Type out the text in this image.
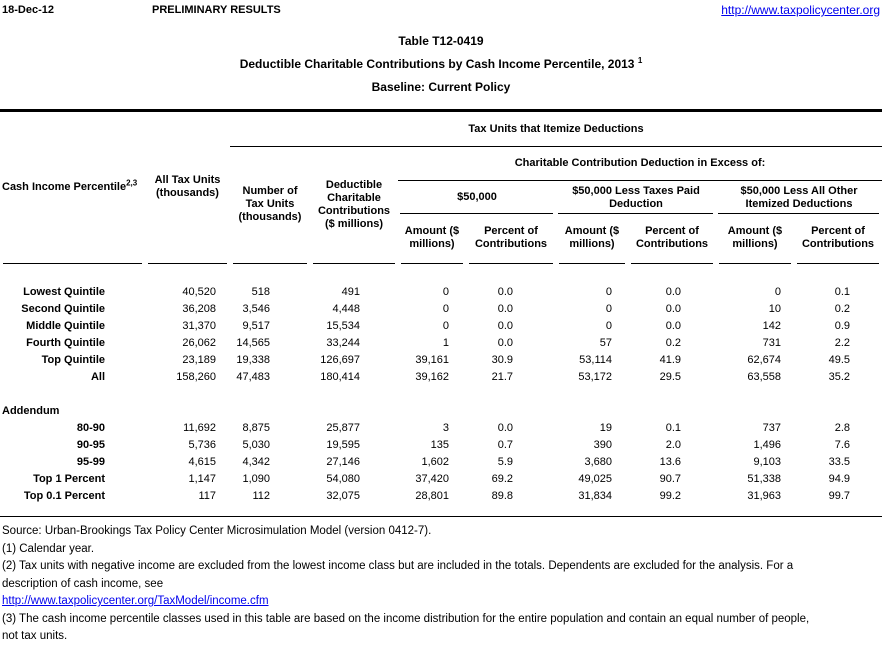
18-Dec-12	PRELIMINARY RESULTS	http://www.taxpolicycenter.org
Table T12-0419
Deductible Charitable Contributions by Cash Income Percentile, 2013 $^1$
Baseline: Current Policy
Cash Income Percentile$^{2,3}$	All Tax Units (thousands)
Tax Units that Itemize Deductions
Number of Tax Units (thousands)
Deductible Charitable Contributions ($ millions)
Charitable Contribution Deduction in Excess of:
$50,000
$50,000 Less Taxes Paid Deduction
$50,000 Less All Other Itemized Deductions
Amount ($ millions)
Percent of Contributions
Amount ($ millions)
Percent of Contributions
Amount ($ millions)
Percent of Contributions
Lowest Quintile	40,520	518	491	0	0.0	0	0.0	0	0.1
Second Quintile	36,208	3,546	4,448	0	0.0	0	0.0	10	0.2
Middle Quintile	31,370	9,517	15,534	0	0.0	0	0.0	142	0.9
Fourth Quintile	26,062	14,565	33,244	1	0.0	57	0.2	731	2.2
Top Quintile	23,189	19,338	126,697	39,161	30.9	53,114	41.9	62,674	49.5
All	158,260	47,483	180,414	39,162	21.7	53,172	29.5	63,558	35.2
Addendum
80-90	11,692	8,875	25,877	3	0.0	19	0.1	737	2.8
90-95	5,736	5,030	19,595	135	0.7	390	2.0	1,496	7.6
95-99	4,615	4,342	27,146	1,602	5.9	3,680	13.6	9,103	33.5
Top 1 Percent	1,147	1,090	54,080	37,420	69.2	49,025	90.7	51,338	94.9
Top 0.1 Percent	117	112	32,075	28,801	89.8	31,834	99.2	31,963	99.7
Source: Urban-Brookings Tax Policy Center Microsimulation Model (version 0412-7).
(1) Calendar year.
(2) Tax units with negative income are excluded from the lowest income class but are included in the totals. Dependents are excluded for the analysis. For a
description of cash income, see
http://www.taxpolicycenter.org/TaxModel/income.cfm
(3) The cash income percentile classes used in this table are based on the income distribution for the entire population and contain an equal number of people,
not tax units.
